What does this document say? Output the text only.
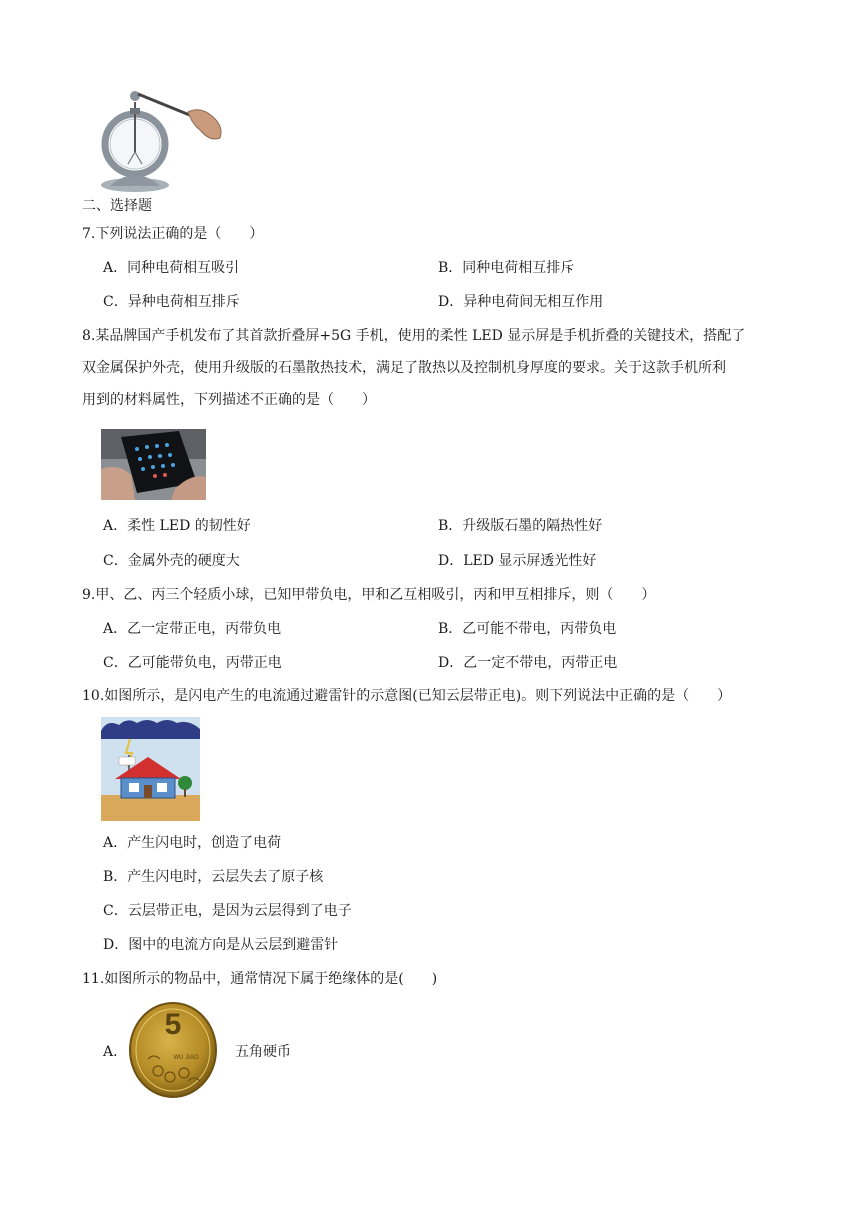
二、选择题
7.下列说法正确的是（　　）
A．同种电荷相互吸引	B．同种电荷相互排斥
C．异种电荷相互排斥	D．异种电荷间无相互作用
8.某品牌国产手机发布了其首款折叠屏+5G 手机，使用的柔性 LED 显示屏是手机折叠的关键技术，搭配了
双金属保护外壳，使用升级版的石墨散热技术，满足了散热以及控制机身厚度的要求。关于这款手机所利
用到的材料属性，下列描述不正确的是（　　）
A．柔性 LED 的韧性好	B．升级版石墨的隔热性好
C．金属外壳的硬度大	D．LED 显示屏透光性好
9.甲、乙、丙三个轻质小球，已知甲带负电，甲和乙互相吸引，丙和甲互相排斥，则（　　）
A．乙一定带正电，丙带负电	B．乙可能不带电，丙带负电
C．乙可能带负电，丙带正电	D．乙一定不带电，丙带正电
10.如图所示，是闪电产生的电流通过避雷针的示意图(已知云层带正电)。则下列说法中正确的是（　　）
A．产生闪电时，创造了电荷
B．产生闪电时，云层失去了原子核
C．云层带正电，是因为云层得到了电子
D．图中的电流方向是从云层到避雷针
11.如图所示的物品中，通常情况下属于绝缘体的是(　　)
A．
5
WU JIAO	五角硬币
